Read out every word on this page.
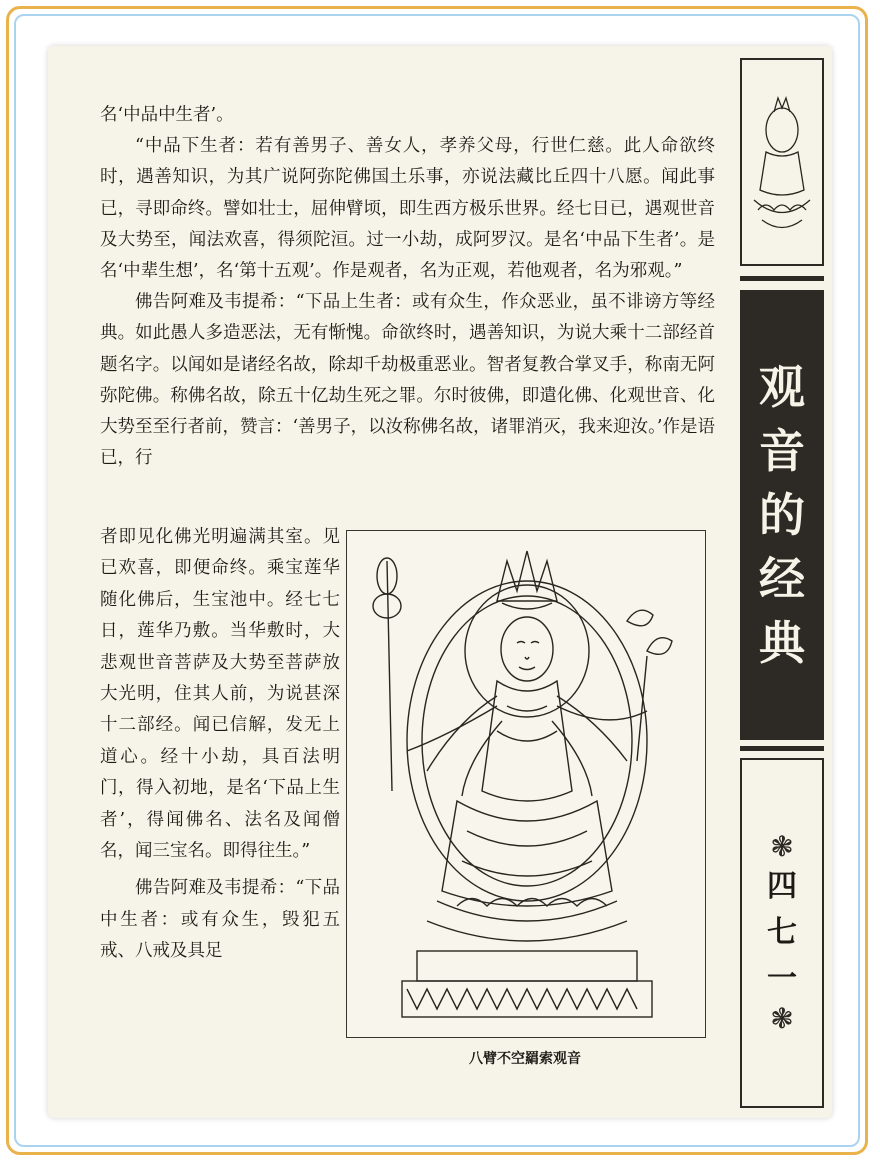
名‘中品中生者’。

“中品下生者：若有善男子、善女人，孝养父母，行世仁慈。此人命欲终时，遇善知识，为其广说阿弥陀佛国土乐事，亦说法藏比丘四十八愿。闻此事已，寻即命终。譬如壮士，屈伸臂顷，即生西方极乐世界。经七日已，遇观世音及大势至，闻法欢喜，得须陀洹。过一小劫，成阿罗汉。是名‘中品下生者’。是名‘中辈生想’，名‘第十五观’。作是观者，名为正观，若他观者，名为邪观。”

佛告阿难及韦提希：“下品上生者：或有众生，作众恶业，虽不诽谤方等经典。如此愚人多造恶法，无有惭愧。命欲终时，遇善知识，为说大乘十二部经首题名字。以闻如是诸经名故，除却千劫极重恶业。智者复教合掌叉手，称南无阿弥陀佛。称佛名故，除五十亿劫生死之罪。尔时彼佛，即遣化佛、化观世音、化大势至至行者前，赞言：‘善男子，以汝称佛名故，诸罪消灭，我来迎汝。’作是语已，行

者即见化佛光明遍满其室。见已欢喜，即便命终。乘宝莲华随化佛后，生宝池中。经七七日，莲华乃敷。当华敷时，大悲观世音菩萨及大势至菩萨放大光明，住其人前，为说甚深十二部经。闻已信解，发无上道心。经十小劫，具百法明门，得入初地，是名‘下品上生者’，得闻佛名、法名及闻僧名，闻三宝名。即得往生。”

佛告阿难及韦提希：“下品中生者：或有众生，毁犯五戒、八戒及具足

八臂不空羂索观音
观
音
的
经
典
❃
四
七
一
❃
